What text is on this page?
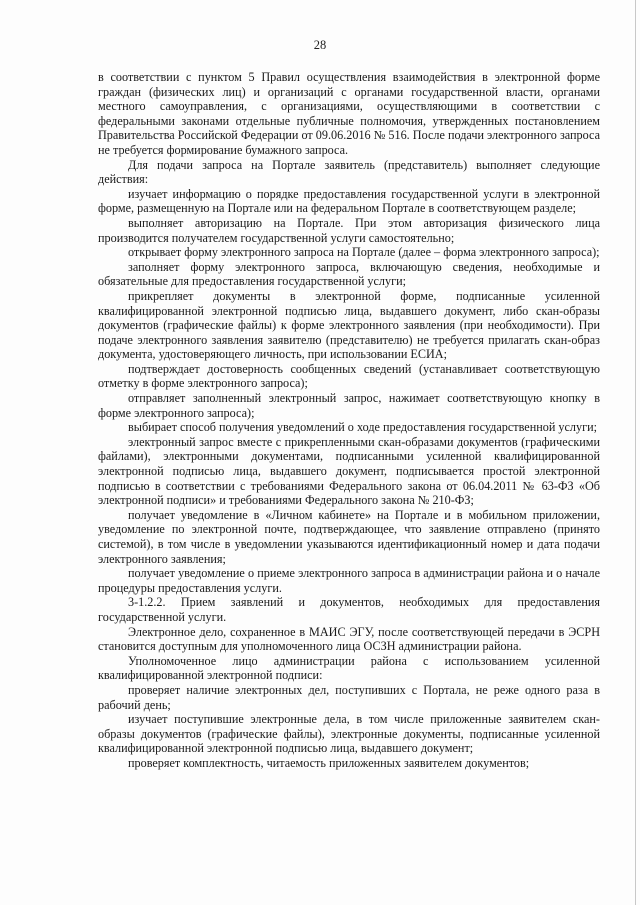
28

в соответствии с пунктом 5 Правил осуществления взаимодействия в электронной форме граждан (физических лиц) и организаций с органами государственной власти, органами местного самоуправления, с организациями, осуществляющими в соответствии с федеральными законами отдельные публичные полномочия, утвержденных постановлением Правительства Российской Федерации от 09.06.2016 № 516. После подачи электронного запроса не требуется формирование бумажного запроса.

Для подачи запроса на Портале заявитель (представитель) выполняет следующие действия:

изучает информацию о порядке предоставления государственной услуги в электронной форме, размещенную на Портале или на федеральном Портале в соответствующем разделе;

выполняет авторизацию на Портале. При этом авторизация физического лица производится получателем государственной услуги самостоятельно;

открывает форму электронного запроса на Портале (далее – форма электронного запроса);

заполняет форму электронного запроса, включающую сведения, необходимые и обязательные для предоставления государственной услуги;

прикрепляет документы в электронной форме, подписанные усиленной квалифицированной электронной подписью лица, выдавшего документ, либо скан-образы документов (графические файлы) к форме электронного заявления (при необходимости). При подаче электронного заявления заявителю (представителю) не требуется прилагать скан-образ документа, удостоверяющего личность, при использовании ЕСИА;

подтверждает достоверность сообщенных сведений (устанавливает соответствующую отметку в форме электронного запроса);

отправляет заполненный электронный запрос, нажимает соответствующую кнопку в форме электронного запроса);

выбирает способ получения уведомлений о ходе предоставления государственной услуги;

электронный запрос вместе с прикрепленными скан-образами документов (графическими файлами), электронными документами, подписанными усиленной квалифицированной электронной подписью лица, выдавшего документ, подписывается простой электронной подписью в соответствии с требованиями Федерального закона от 06.04.2011 № 63-ФЗ «Об электронной подписи» и требованиями Федерального закона № 210-ФЗ;

получает уведомление в «Личном кабинете» на Портале и в мобильном приложении, уведомление по электронной почте, подтверждающее, что заявление отправлено (принято системой), в том числе в уведомлении указываются идентификационный номер и дата подачи электронного заявления;

получает уведомление о приеме электронного запроса в администрации района и о начале процедуры предоставления услуги.

3-1.2.2. Прием заявлений и документов, необходимых для предоставления государственной услуги.

Электронное дело, сохраненное в МАИС ЭГУ, после соответствующей передачи в ЭСРН становится доступным для уполномоченного лица ОСЗН администрации района.

Уполномоченное лицо администрации района с использованием усиленной квалифицированной электронной подписи:

проверяет наличие электронных дел, поступивших с Портала, не реже одного раза в рабочий день;

изучает поступившие электронные дела, в том числе приложенные заявителем скан-образы документов (графические файлы), электронные документы, подписанные усиленной квалифицированной электронной подписью лица, выдавшего документ;

проверяет комплектность, читаемость приложенных заявителем документов;
